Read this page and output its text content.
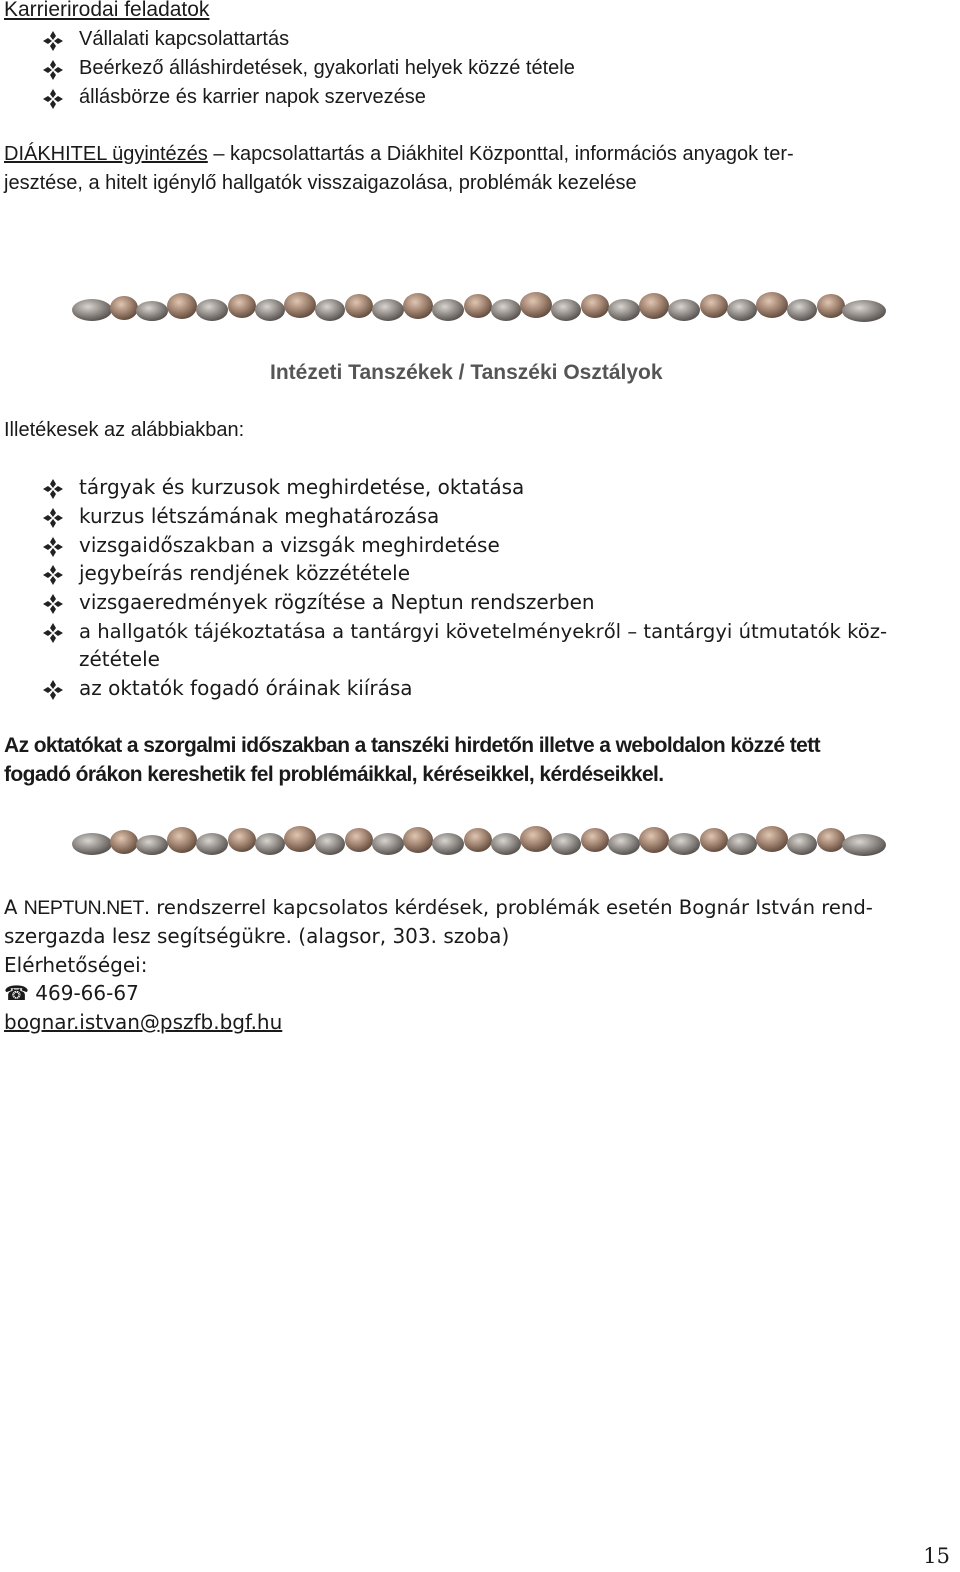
Karrierirodai feladatok
Vállalati kapcsolattartás
Beérkező álláshirdetések, gyakorlati helyek közzé tétele
állásbörze és karrier napok szervezése
DIÁKHITEL ügyintézés – kapcsolattartás a Diákhitel Központtal, információs anyagok ter-
jesztése, a hitelt igénylő hallgatók visszaigazolása, problémák kezelése
Intézeti Tanszékek / Tanszéki Osztályok
Illetékesek az alábbiakban:
tárgyak és kurzusok meghirdetése, oktatása
kurzus létszámának meghatározása
vizsgaidőszakban a vizsgák meghirdetése
jegybeírás rendjének közzététele
vizsgaeredmények rögzítése a Neptun rendszerben
a hallgatók tájékoztatása a tantárgyi követelményekről – tantárgyi útmutatók köz-
zététele
az oktatók fogadó óráinak kiírása
Az oktatókat a szorgalmi időszakban a tanszéki hirdetőn illetve a weboldalon közzé tett
fogadó órákon kereshetik fel problémáikkal, kéréseikkel, kérdéseikkel.
A NEPTUN.NET. rendszerrel kapcsolatos kérdések, problémák esetén Bognár István rend-
szergazda lesz segítségükre. (alagsor, 303. szoba)
Elérhetőségei:
☎ 469-66-67
bognar.istvan@pszfb.bgf.hu
15
